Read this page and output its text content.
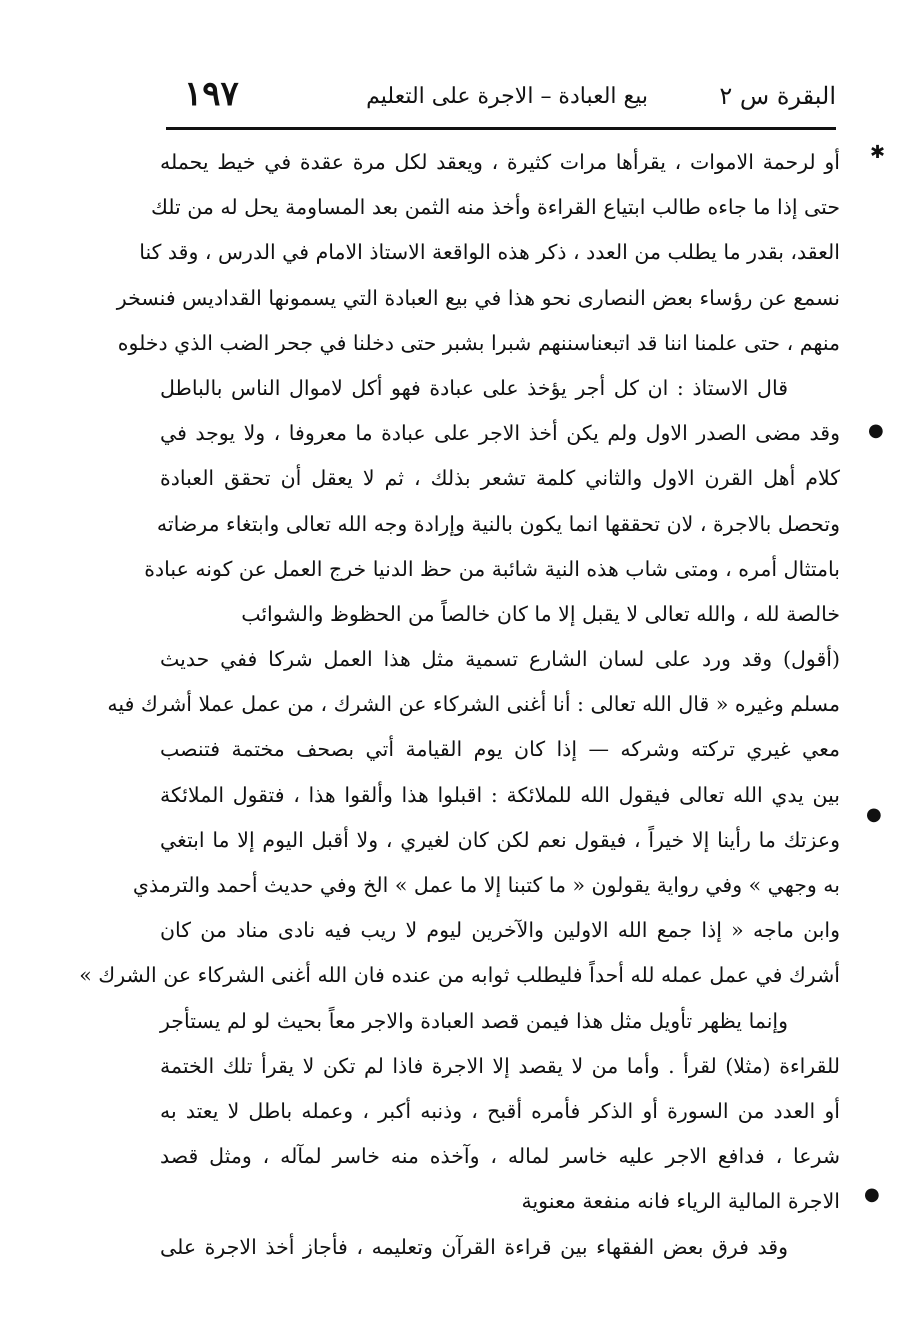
البقرة س ٢
بيع العبادة – الاجرة على التعليم
١٩٧
أو لرحمة الاموات ، يقرأها مرات كثيرة ، ويعقد لكل مرة عقدة في خيط يحمله
حتى إذا ما جاءه طالب ابتياع القراءة وأخذ منه الثمن بعد المساومة يحل له من تلك
العقد، بقدر ما يطلب من العدد ، ذكر هذه الواقعة الاستاذ الامام في الدرس ، وقد كنا
نسمع عن رؤساء بعض النصارى نحو هذا في بيع العبادة التي يسمونها القداديس فنسخر
منهم ، حتى علمنا اننا قد اتبعناسننهم شبرا بشبر حتى دخلنا في جحر الضب الذي دخلوه
قال الاستاذ : ان كل أجر يؤخذ على عبادة فهو أكل لاموال الناس بالباطل
وقد مضى الصدر الاول ولم يكن أخذ الاجر على عبادة ما معروفا ، ولا يوجد في
كلام أهل القرن الاول والثاني كلمة تشعر بذلك ، ثم لا يعقل أن تحقق العبادة
وتحصل بالاجرة ، لان تحققها انما يكون بالنية وإرادة وجه الله تعالى وابتغاء مرضاته
بامتثال أمره ، ومتى شاب هذه النية شائبة من حظ الدنيا خرج العمل عن كونه عبادة
خالصة لله ، والله تعالى لا يقبل إلا ما كان خالصاً من الحظوظ والشوائب
(أقول) وقد ورد على لسان الشارع تسمية مثل هذا العمل شركا ففي حديث
مسلم وغيره « قال الله تعالى : أنا أغنى الشركاء عن الشرك ، من عمل عملا أشرك فيه
معي غيري تركته وشركه — إذا كان يوم القيامة أتي بصحف مختمة فتنصب
بين يدي الله تعالى فيقول الله للملائكة : اقبلوا هذا وألقوا هذا ، فتقول الملائكة
وعزتك ما رأينا إلا خيراً ، فيقول نعم لكن كان لغيري ، ولا أقبل اليوم إلا ما ابتغي
به وجهي » وفي رواية يقولون « ما كتبنا إلا ما عمل » الخ وفي حديث أحمد والترمذي
وابن ماجه « إذا جمع الله الاولين والآخرين ليوم لا ريب فيه نادى مناد من كان
أشرك في عمل عمله لله أحداً فليطلب ثوابه من عنده فان الله أغنى الشركاء عن الشرك »
وإنما يظهر تأويل مثل هذا فيمن قصد العبادة والاجر معاً بحيث لو لم يستأجر
للقراءة (مثلا) لقرأ . وأما من لا يقصد إلا الاجرة فاذا لم تكن لا يقرأ تلك الختمة
أو العدد من السورة أو الذكر فأمره أقبح ، وذنبه أكبر ، وعمله باطل لا يعتد به
شرعا ، فدافع الاجر عليه خاسر لماله ، وآخذه منه خاسر لمآله ، ومثل قصد
الاجرة المالية الرياء فانه منفعة معنوية
وقد فرق بعض الفقهاء بين قراءة القرآن وتعليمه ، فأجاز أخذ الاجرة على
✱
●
●
●
